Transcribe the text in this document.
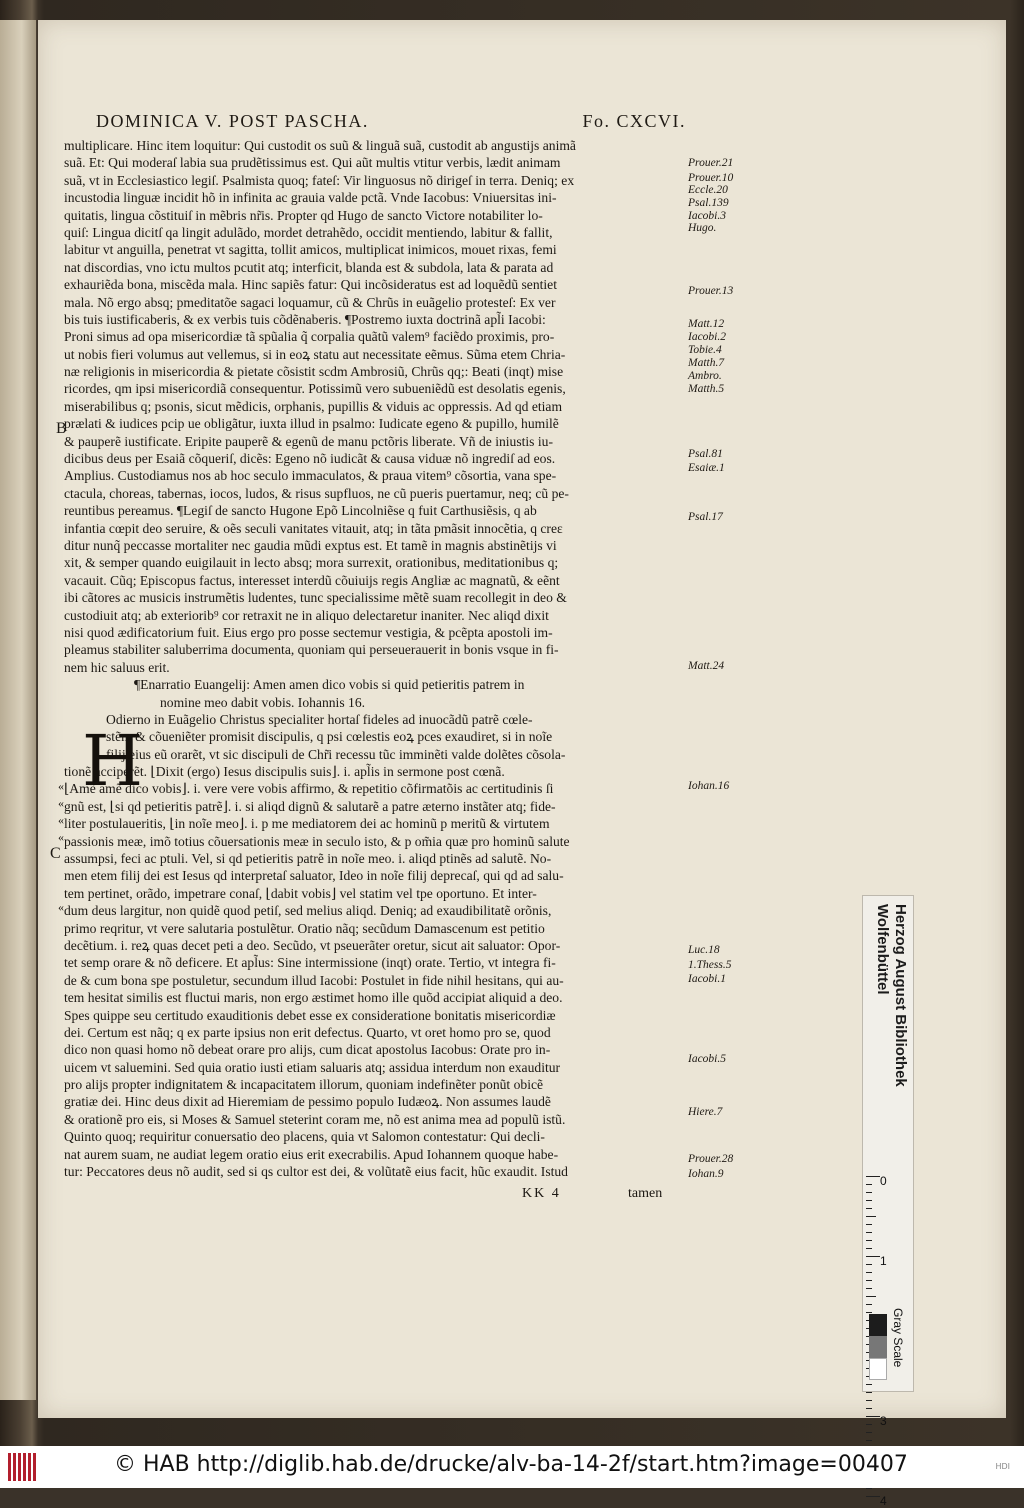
DOMINICA V. POST PASCHA.	Fo. CXCVI.
B
C
«
«
«
«
«
multiplicare. Hinc item loquitur: Qui custodit os suũ & linguã suã, custodit ab angustijs animã
suã. Et: Qui moderaſ labia sua prudẽtissimus est. Qui aũt multis vtitur verbis, lædit animam
suã, vt in Ecclesiastico legiſ. Psalmista quoq; fateſ: Vir linguosus nõ dirigeſ in terra. Deniq; ex
incustodia linguæ incidit hõ in infinita ac grauia valde pctã. Vnde Iacobus: Vniuersitas ini-
quitatis, lingua cõstituiſ in mẽbris nr̃is. Propter qd Hugo de sancto Victore notabiliter lo-
quiſ: Lingua dicitſ qa lingit adulãdo, mordet detrahẽdo, occidit mentiendo, labitur & fallit,
labitur vt anguilla, penetrat vt sagitta, tollit amicos, multiplicat inimicos, mouet rixas, femi
nat discordias, vno ictu multos pcutit atq; interficit, blanda est & subdola, lata & parata ad
exhauriẽda bona, miscẽda mala. Hinc sapiẽs fatur: Qui incõsideratus est ad loquẽdũ sentiet
mala. Nõ ergo absq; pmeditatõe sagaci loquamur, cũ & Chrũs in euãgelio protesteſ: Ex ver
bis tuis iustificaberis, & ex verbis tuis cõdẽnaberis. ¶Postremo iuxta doctrinã apl̃i Iacobi:
Proni simus ad opa misericordiæ tã spũalia q̃ corpalia quãtũ valem⁹ faciẽdo proximis, pro-
ut nobis fieri volumus aut vellemus, si in eoꝝ statu aut necessitate eẽmus. Sũma etem Chria-
næ religionis in misericordia & pietate cõsistit scdm Ambrosiũ, Chrũs qq;: Beati (inqt) mise
ricordes, qm ipsi misericordiã consequentur. Potissimũ vero subueniẽdũ est desolatis egenis,
miserabilibus q; psonis, sicut mẽdicis, orphanis, pupillis & viduis ac oppressis. Ad qd etiam
prælati & iudices pcip ue obligãtur, iuxta illud in psalmo: Iudicate egeno & pupillo, humilẽ
& pauperẽ iustificate. Eripite pauperẽ & egenũ de manu pctõris liberate. Vñ de iniustis iu-
dicibus deus per Esaiã cõqueriſ, dicẽs: Egeno nõ iudicãt & causa viduæ nõ ingrediſ ad eos.
Amplius. Custodiamus nos ab hoc seculo immaculatos, & praua vitem⁹ cõsortia, vana spe-
ctacula, choreas, tabernas, iocos, ludos, & risus supfluos, ne cũ pueris puertamur, neq; cũ pe-
reuntibus pereamus. ¶Legiſ de sancto Hugone Epõ Lincolniẽse q fuit Carthusiẽsis, q ab
infantia cœpit deo seruire, & oẽs seculi vanitates vitauit, atq; in tãta pmãsit innocẽtia, q creε
ditur nunq̃ peccasse mortaliter nec gaudia mũdi exptus est. Et tamẽ in magnis abstinẽtijs vi
xit, & semper quando euigilauit in lecto absq; mora surrexit, orationibus, meditationibus q;
vacauit. Cũq; Episcopus factus, interesset interdũ cõuiuijs regis Angliæ ac magnatũ, & eẽnt
ibi cãtores ac musicis instrumẽtis ludentes, tunc specialissime mẽtẽ suam recollegit in deo &
custodiuit atq; ab exteriorib⁹ cor retraxit ne in aliquo delectaretur inaniter. Nec aliqd dixit
nisi quod ædificatorium fuit. Eius ergo pro posse sectemur vestigia, & pcẽpta apostoli im-
pleamus stabiliter saluberrima documenta, quoniam qui perseuerauerit in bonis vsque in fi-
nem hic saluus erit.
¶Enarratio Euangelij: Amen amen dico vobis si quid petieritis patrem in
nomine meo dabit vobis. Iohannis 16.
Odierno in Euãgelio Christus specialiter hortaſ fideles ad inuocãdũ patrẽ cœle-
stẽm & cõueniẽter promisit discipulis, q psi cœlestis eoꝝ pces exaudiret, si in noĩe
filij eius eũ orarẽt, vt sic discipuli de Chr̃i recessu tũc imminẽti valde dolẽtes cõsola-
tionẽ acciperẽt. ⌊Dixit (ergo) Iesus discipulis suis⌋. i. apl̃is in sermone post cœnã.
⌊Amẽ amẽ dico vobis⌋. i. vere vere vobis affirmo, & repetitio cõfirmatõis ac certitudinis ſi
gnũ est, ⌊si qd petieritis patrẽ⌋. i. si aliqd dignũ & salutarẽ a patre æterno instãter atq; fide-
liter postulaueritis, ⌊in noĩe meo⌋. i. p me mediatorem dei ac hominũ p meritũ & virtutem
passionis meæ, imõ totius cõuersationis meæ in seculo isto, & p om̃ia quæ pro hominũ salute
assumpsi, feci ac ptuli. Vel, si qd petieritis patrẽ in noĩe meo. i. aliqd ptinẽs ad salutẽ. No-
men etem filij dei est Iesus qd interpretaſ saluator, Ideo in noĩe filij deprecaſ, qui qd ad salu-
tem pertinet, orãdo, impetrare conaſ, ⌊dabit vobis⌋ vel statim vel tpe oportuno. Et inter-
dum deus largitur, non quidẽ quod petiſ, sed melius aliqd. Deniq; ad exaudibilitatẽ orõnis,
primo reqritur, vt vere salutaria postulẽtur. Oratio nãq; secũdum Damascenum est petitio
decẽtium. i. reꝝ quas decet peti a deo. Secũdo, vt pseuerãter oretur, sicut ait saluator: Opor-
tet semp orare & nõ deficere. Et apl̃us: Sine intermissione (inqt) orate. Tertio, vt integra fi-
de & cum bona spe postuletur, secundum illud Iacobi: Postulet in fide nihil hesitans, qui au-
tem hesitat similis est fluctui maris, non ergo æstimet homo ille quõd accipiat aliquid a deo.
Spes quippe seu certitudo exauditionis debet esse ex consideratione bonitatis misericordiæ
dei. Certum est nãq; q ex parte ipsius non erit defectus. Quarto, vt oret homo pro se, quod
dico non quasi homo nõ debeat orare pro alijs, cum dicat apostolus Iacobus: Orate pro in-
uicem vt saluemini. Sed quia oratio iusti etiam saluaris atq; assidua interdum non exauditur
pro alijs propter indignitatem & incapacitatem illorum, quoniam indefinẽter ponũt obicẽ
gratiæ dei. Hinc deus dixit ad Hieremiam de pessimo populo Iudæoꝝ. Non assumes laudẽ
& orationẽ pro eis, si Moses & Samuel steterint coram me, nõ est anima mea ad populũ istũ.
Quinto quoq; requiritur conuersatio deo placens, quia vt Salomon contestatur: Qui decli-
nat aurem suam, ne audiat legem oratio eius erit execrabilis. Apud Iohannem quoque habe-
tur: Peccatores deus nõ audit, sed si qs cultor est dei, & volũtatẽ eius facit, hũc exaudit. Istud
H
Prouer.21
Prouer.10
Eccle.20
Psal.139
Iacobi.3
Hugo.
Prouer.13
Matt.12
Iacobi.2
Tobie.4
Matth.7
Ambro.
Matth.5
Psal.81
Esaiæ.1
Psal.17
Matt.24
Iohan.16
Luc.18
1.Thess.5
Iacobi.1
Iacobi.5
Hiere.7
Prouer.28
Iohan.9
KK 4	tamen
Herzog August Bibliothek
Wolfenbüttel
0
1
3
4
Gray Scale
© HAB http://diglib.hab.de/drucke/alv-ba-14-2f/start.htm?image=00407	HDI
